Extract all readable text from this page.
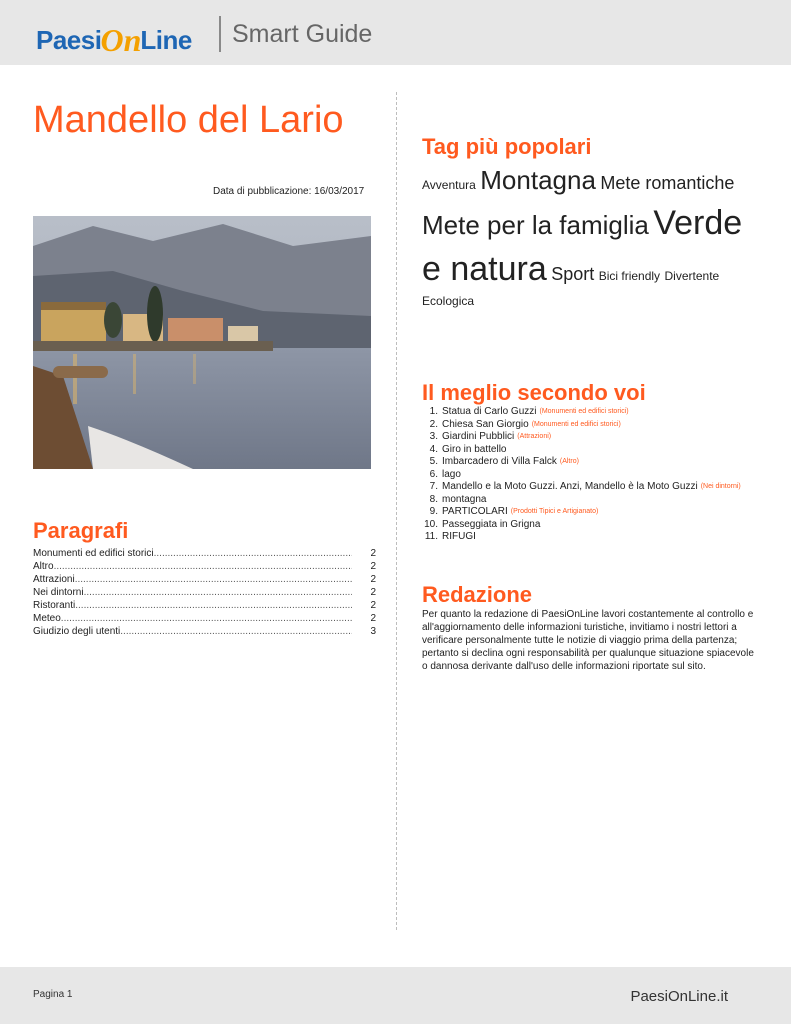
Paesi On Line Smart Guide
Mandello del Lario
Data di pubblicazione: 16/03/2017
Paragrafi
Monumenti ed edifici storici .....	2
Altro .....	2
Attrazioni .....	2
Nei dintorni .....	2
Ristoranti .....	2
Meteo .....	2
Giudizio degli utenti .....	3
Tag più popolari
Avventura Montagna Mete romantiche Mete per la famiglia Verde e natura Sport Bici friendly Divertente Ecologica
Il meglio secondo voi
1. Statua di Carlo Guzzi (Monumenti ed edifici storici)
2. Chiesa San Giorgio (Monumenti ed edifici storici)
3. Giardini Pubblici (Attrazioni)
4. Giro in battello
5. Imbarcadero di Villa Falck (Altro)
6. lago
7. Mandello e la Moto Guzzi. Anzi, Mandello è la Moto Guzzi (Nei dintorni)
8. montagna
9. PARTICOLARI (Prodotti Tipici e Artigianato)
10. Passeggiata in Grigna
11. RIFUGI
Redazione

Per quanto la redazione di PaesiOnLine lavori costantemente al controllo e all'aggiornamento delle informazioni turistiche, invitiamo i nostri lettori a verificare personalmente tutte le notizie di viaggio prima della partenza; pertanto si declina ogni responsabilità per qualunque situazione spiacevole o dannosa derivante dall'uso delle informazioni riportate sul sito.

Pagina 1	PaesiOnLine.it
